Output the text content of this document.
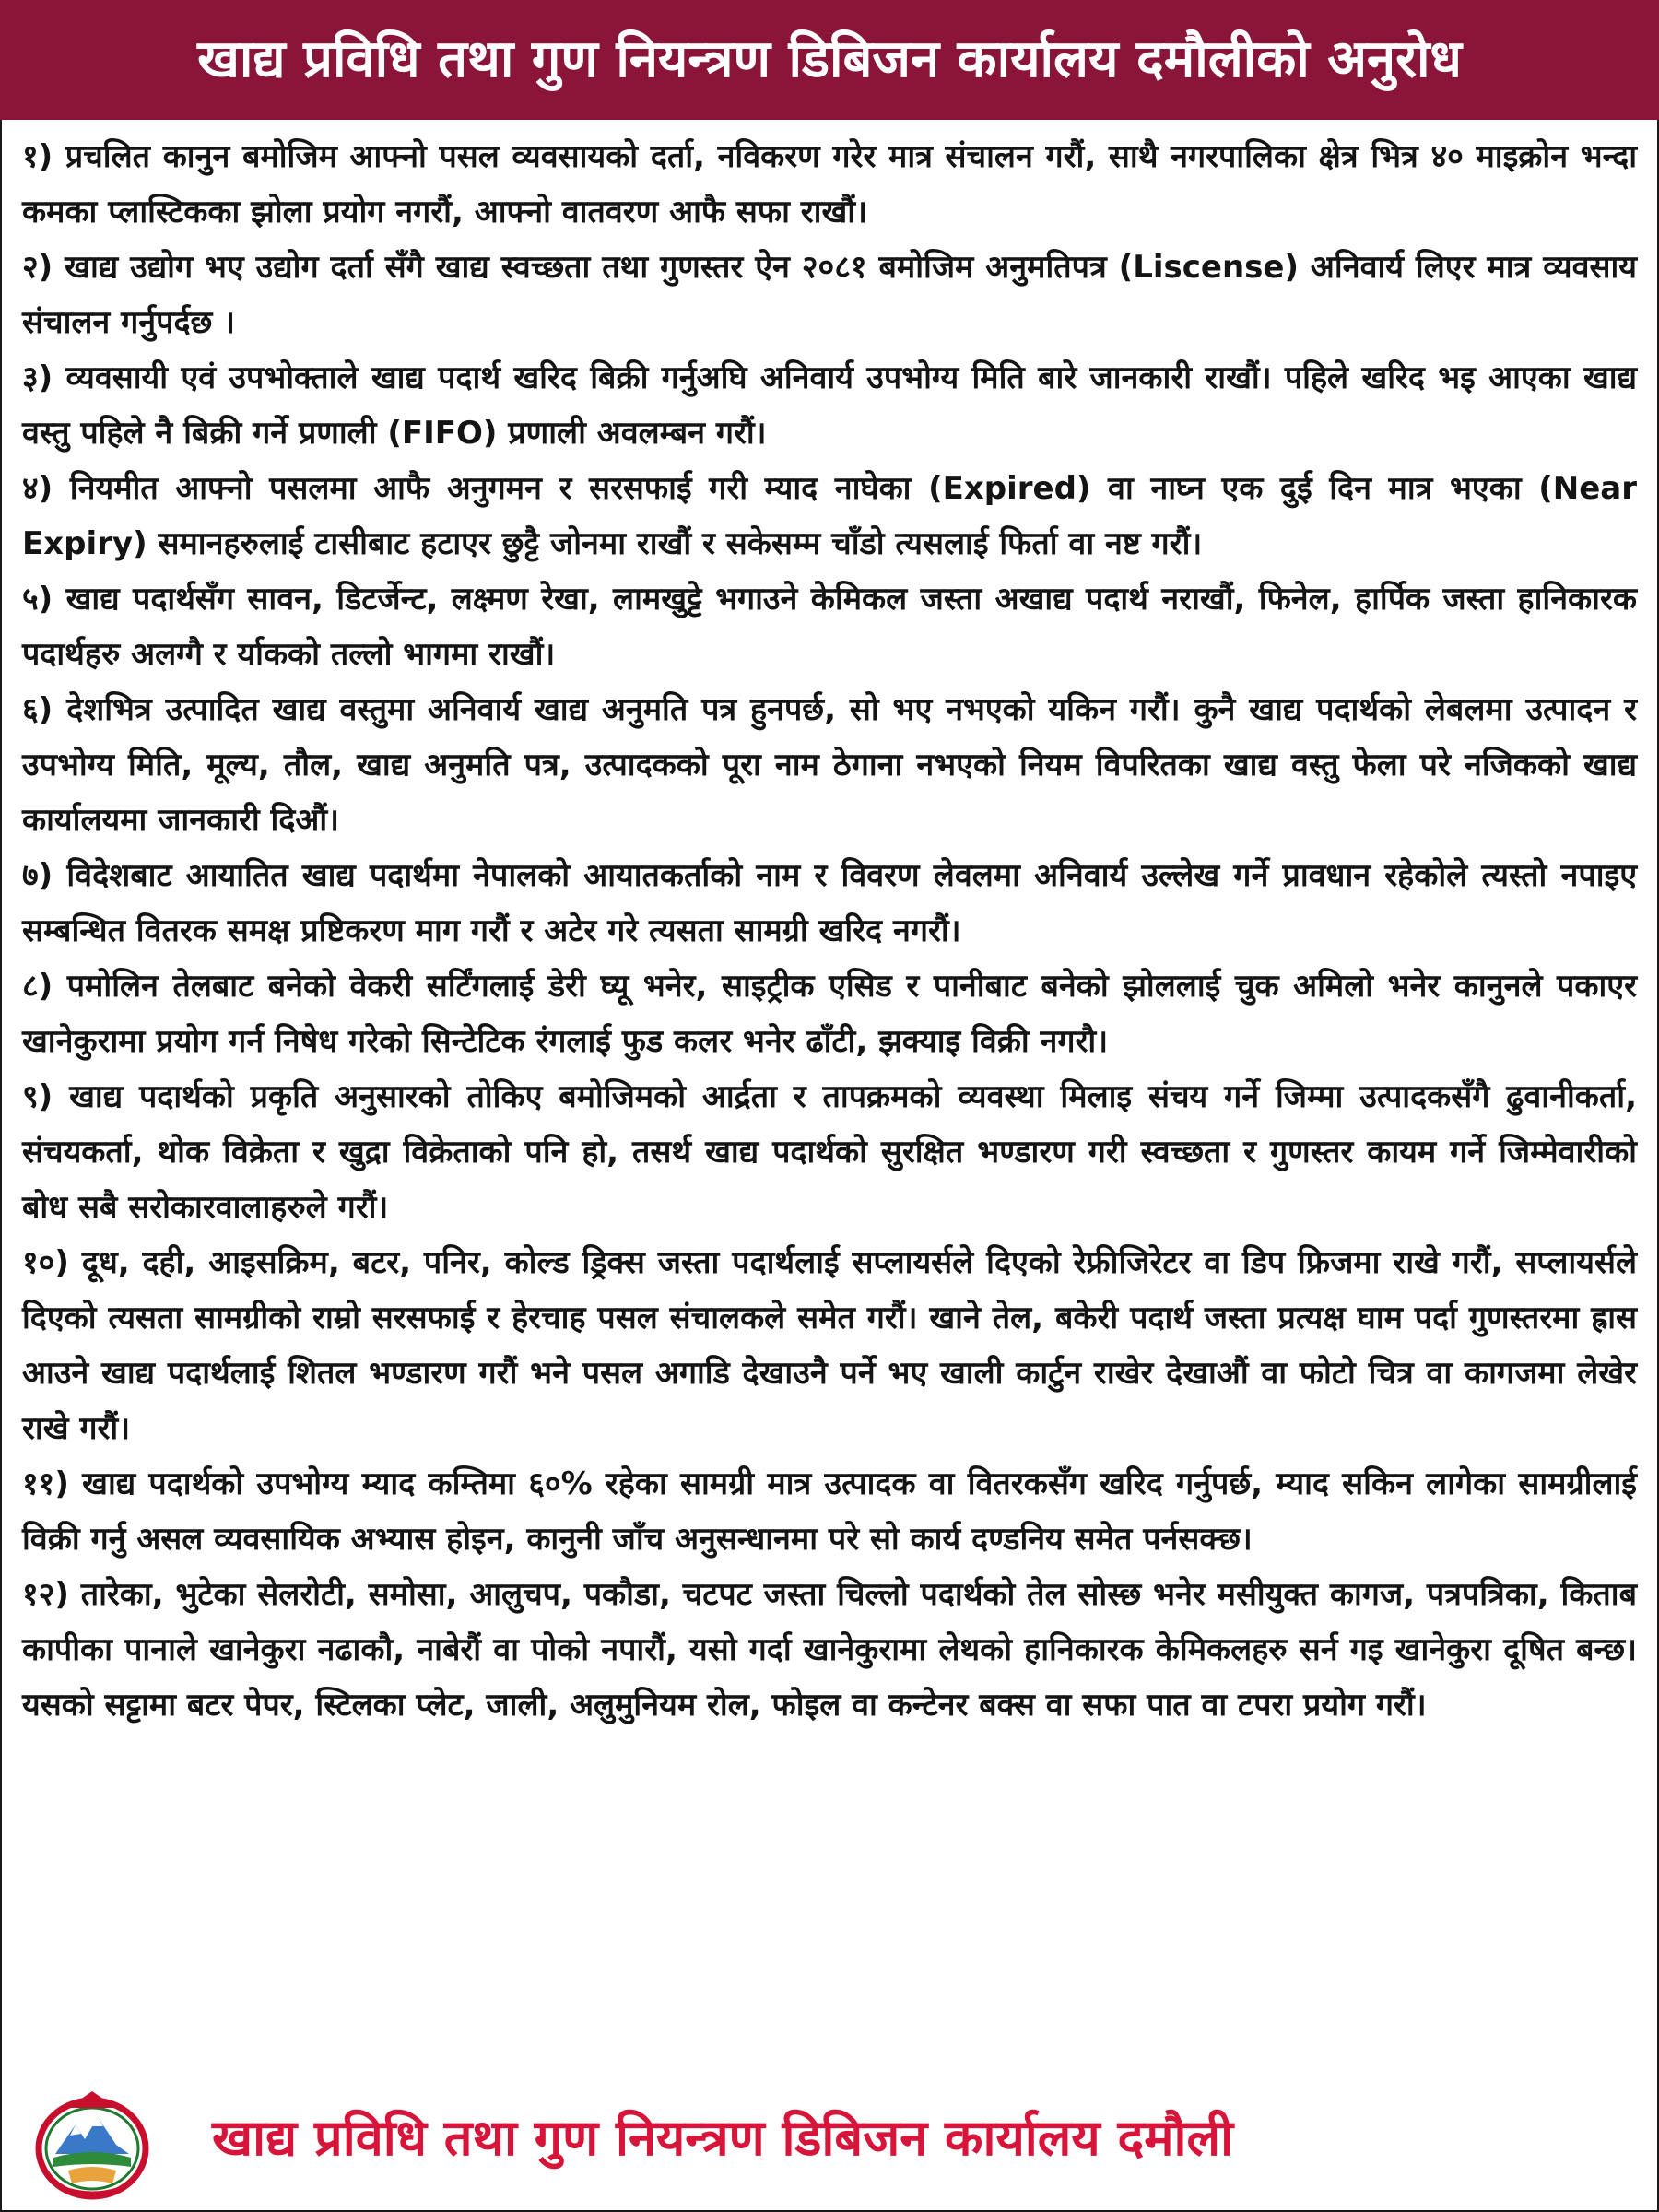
खाद्य प्रविधि तथा गुण नियन्त्रण डिबिजन कार्यालय दमौलीको अनुरोध
१) प्रचलित कानुन बमोजिम आफ्नो पसल व्यवसायको दर्ता, नविकरण गरेर मात्र संचालन गरौं, साथै नगरपालिका क्षेत्र भित्र ४० माइक्रोन भन्दा कमका प्लास्टिकका झोला प्रयोग नगरौं, आफ्नो वातवरण आफै सफा राखौं।
२) खाद्य उद्योग भए उद्योग दर्ता सँगै खाद्य स्वच्छता तथा गुणस्तर ऐन २०८१ बमोजिम अनुमतिपत्र (Liscense) अनिवार्य लिएर मात्र व्यवसाय संचालन गर्नुपर्दछ ।
३) व्यवसायी एवं उपभोक्ताले खाद्य पदार्थ खरिद बिक्री गर्नुअघि अनिवार्य उपभोग्य मिति बारे जानकारी राखौं। पहिले खरिद भइ आएका खाद्य वस्तु पहिले नै बिक्री गर्ने प्रणाली (FIFO) प्रणाली अवलम्बन गरौं।
४) नियमीत आफ्नो पसलमा आफै अनुगमन र सरसफाई गरी म्याद नाघेका (Expired) वा नाघ्न एक दुई दिन मात्र भएका (Near Expiry) समानहरुलाई टासीबाट हटाएर छुट्टै जोनमा राखौं र सकेसम्म चाँडो त्यसलाई फिर्ता वा नष्ट गरौं।
५) खाद्य पदार्थसँग सावन, डिटर्जेन्ट, लक्ष्मण रेखा, लामखुट्टे भगाउने केमिकल जस्ता अखाद्य पदार्थ नराखौं, फिनेल, हार्पिक जस्ता हानिकारक पदार्थहरु अलग्गै र र्याकको तल्लो भागमा राखौं।
६) देशभित्र उत्पादित खाद्य वस्तुमा अनिवार्य खाद्य अनुमति पत्र हुनपर्छ, सो भए नभएको यकिन गरौं। कुनै खाद्य पदार्थको लेबलमा उत्पादन र उपभोग्य मिति, मूल्य, तौल, खाद्य अनुमति पत्र, उत्पादकको पूरा नाम ठेगाना नभएको नियम विपरितका खाद्य वस्तु फेला परे नजिकको खाद्य कार्यालयमा जानकारी दिऔं।
७) विदेशबाट आयातित खाद्य पदार्थमा नेपालको आयातकर्ताको नाम र विवरण लेवलमा अनिवार्य उल्लेख गर्ने प्रावधान रहेकोले त्यस्तो नपाइए सम्बन्धित वितरक समक्ष प्रष्टिकरण माग गरौं र अटेर गरे त्यसता सामग्री खरिद नगरौं।
८) पमोलिन तेलबाट बनेको वेकरी सर्टिंगलाई डेरी घ्यू भनेर, साइट्रीक एसिड र पानीबाट बनेको झोललाई चुक अमिलो भनेर कानुनले पकाएर खानेकुरामा प्रयोग गर्न निषेध गरेको सिन्टेटिक रंगलाई फुड कलर भनेर ढाँटी, झक्याइ विक्री नगरौ।
९) खाद्य पदार्थको प्रकृति अनुसारको तोकिए बमोजिमको आर्द्रता र तापक्रमको व्यवस्था मिलाइ संचय गर्ने जिम्मा उत्पादकसँगै ढुवानीकर्ता, संचयकर्ता, थोक विक्रेता र खुद्रा विक्रेताको पनि हो, तसर्थ खाद्य पदार्थको सुरक्षित भण्डारण गरी स्वच्छता र गुणस्तर कायम गर्ने जिम्मेवारीको बोध सबै सरोकारवालाहरुले गरौं।
१०) दूध, दही, आइसक्रिम, बटर, पनिर, कोल्ड ड्रिक्स जस्ता पदार्थलाई सप्लायर्सले दिएको रेफ्रीजिरेटर वा डिप फ्रिजमा राखे गरौं, सप्लायर्सले दिएको त्यसता सामग्रीको राम्रो सरसफाई र हेरचाह पसल संचालकले समेत गरौं। खाने तेल, बकेरी पदार्थ जस्ता प्रत्यक्ष घाम पर्दा गुणस्तरमा ह्रास आउने खाद्य पदार्थलाई शितल भण्डारण गरौं भने पसल अगाडि देखाउनै पर्ने भए खाली कार्टुन राखेर देखाऔं वा फोटो चित्र वा कागजमा लेखेर राखे गरौं।
११) खाद्य पदार्थको उपभोग्य म्याद कम्तिमा ६०% रहेका सामग्री मात्र उत्पादक वा वितरकसँग खरिद गर्नुपर्छ, म्याद सकिन लागेका सामग्रीलाई विक्री गर्नु असल व्यवसायिक अभ्यास होइन, कानुनी जाँच अनुसन्धानमा परे सो कार्य दण्डनिय समेत पर्नसक्छ।
१२) तारेका, भुटेका सेलरोटी, समोसा, आलुचप, पकौडा, चटपट जस्ता चिल्लो पदार्थको तेल सोस्छ भनेर मसीयुक्त कागज, पत्रपत्रिका, किताब कापीका पानाले खानेकुरा नढाकौ, नाबेरौं वा पोको नपारौं, यसो गर्दा खानेकुरामा लेथको हानिकारक केमिकलहरु सर्न गइ खानेकुरा दूषित बन्छ। यसको सट्टामा बटर पेपर, स्टिलका प्लेट, जाली, अलुमुनियम रोल, फोइल वा कन्टेनर बक्स वा सफा पात वा टपरा प्रयोग गरौं।
खाद्य प्रविधि तथा गुण नियन्त्रण डिबिजन कार्यालय दमौली
